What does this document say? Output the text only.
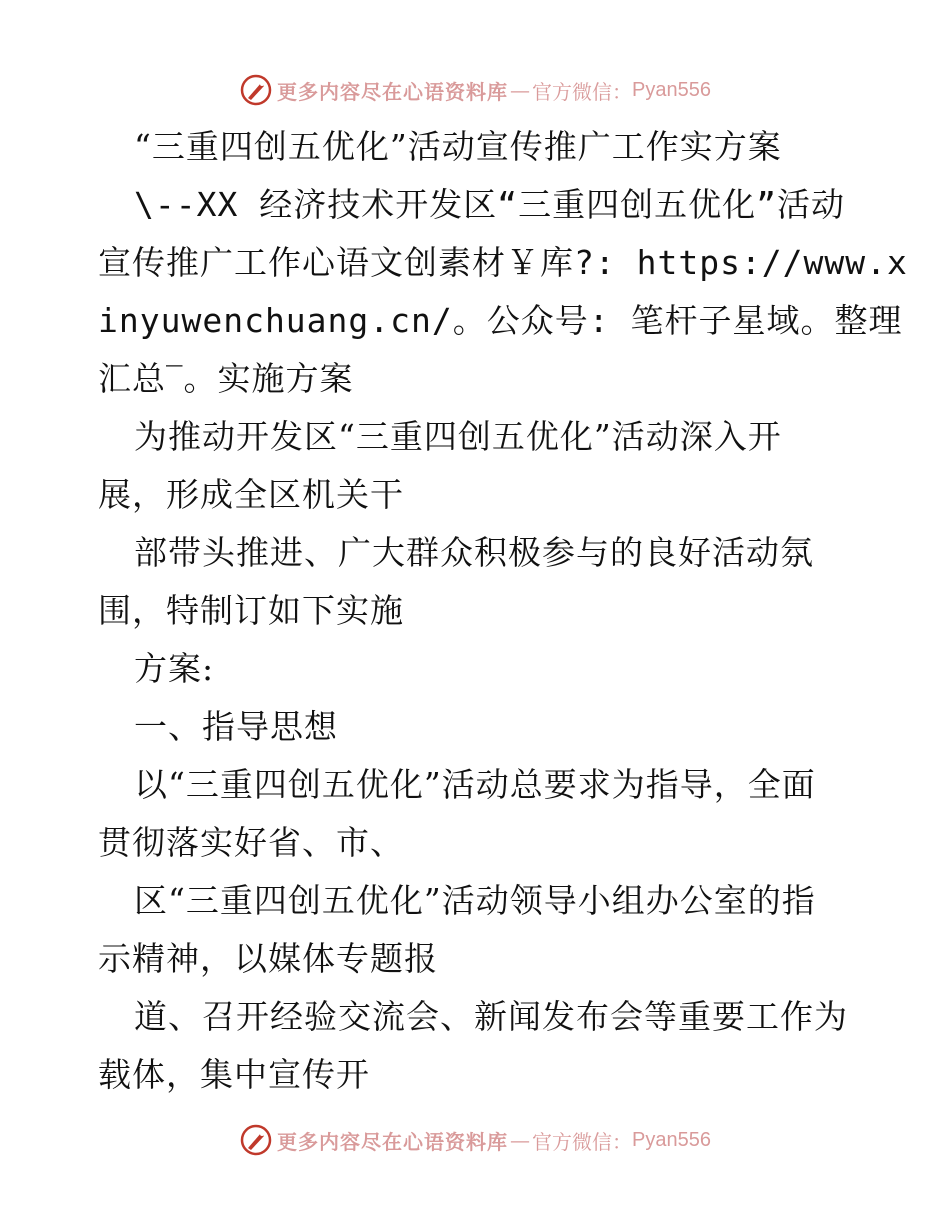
更多内容尽在心语资料库 — 官方微信： Pyan556
“三重四创五优化”活动宣传推广工作实方案
\--XX 经济技术开发区“三重四创五优化”活动
宣传推广工作心语文创素材￥库?: https://www.x
inyuwenchuang.cn/。公众号: 笔杆子星域。整理
汇总‾。实施方案
为推动开发区“三重四创五优化”活动深入开
展，形成全区机关干
部带头推进、广大群众积极参与的良好活动氛
围，特制订如下实施
方案:
一、指导思想
以“三重四创五优化”活动总要求为指导，全面
贯彻落实好省、市、
区“三重四创五优化”活动领导小组办公室的指
示精神，以媒体专题报
道、召开经验交流会、新闻发布会等重要工作为
载体，集中宣传开
更多内容尽在心语资料库 — 官方微信： Pyan556
